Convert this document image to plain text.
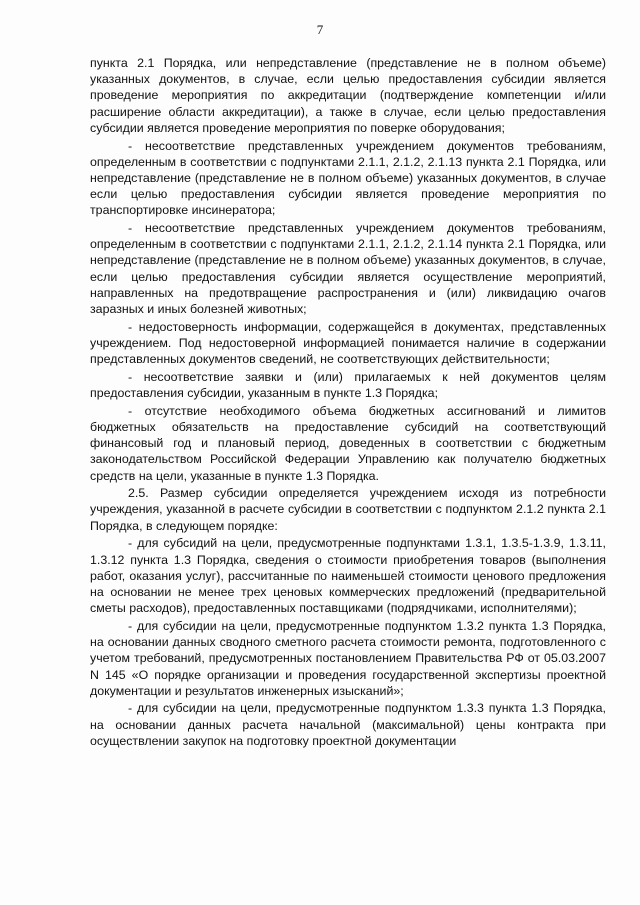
7

пункта 2.1 Порядка, или непредставление (представление не в полном объеме) указанных документов, в случае, если целью предоставления субсидии является проведение мероприятия по аккредитации (подтверждение компетенции и/или расширение области аккредитации), а также в случае, если целью предоставления субсидии является проведение мероприятия по поверке оборудования;

- несоответствие представленных учреждением документов требованиям, определенным в соответствии с подпунктами 2.1.1, 2.1.2, 2.1.13 пункта 2.1 Порядка, или непредставление (представление не в полном объеме) указанных документов, в случае если целью предоставления субсидии является проведение мероприятия по транспортировке инсинератора;

- несоответствие представленных учреждением документов требованиям, определенным в соответствии с подпунктами 2.1.1, 2.1.2, 2.1.14 пункта 2.1 Порядка, или непредставление (представление не в полном объеме) указанных документов, в случае, если целью предоставления субсидии является осуществление мероприятий, направленных на предотвращение распространения и (или) ликвидацию очагов заразных и иных болезней животных;

- недостоверность информации, содержащейся в документах, представленных учреждением. Под недостоверной информацией понимается наличие в содержании представленных документов сведений, не соответствующих действительности;

- несоответствие заявки и (или) прилагаемых к ней документов целям предоставления субсидии, указанным в пункте 1.3 Порядка;

- отсутствие необходимого объема бюджетных ассигнований и лимитов бюджетных обязательств на предоставление субсидий на соответствующий финансовый год и плановый период, доведенных в соответствии с бюджетным законодательством Российской Федерации Управлению как получателю бюджетных средств на цели, указанные в пункте 1.3 Порядка.

2.5. Размер субсидии определяется учреждением исходя из потребности учреждения, указанной в расчете субсидии в соответствии с подпунктом 2.1.2 пункта 2.1 Порядка, в следующем порядке:

- для субсидий на цели, предусмотренные подпунктами 1.3.1, 1.3.5-1.3.9, 1.3.11, 1.3.12 пункта 1.3 Порядка, сведения о стоимости приобретения товаров (выполнения работ, оказания услуг), рассчитанные по наименьшей стоимости ценового предложения на основании не менее трех ценовых коммерческих предложений (предварительной сметы расходов), предоставленных поставщиками (подрядчиками, исполнителями);

- для субсидии на цели, предусмотренные подпунктом 1.3.2 пункта 1.3 Порядка, на основании данных сводного сметного расчета стоимости ремонта, подготовленного с учетом требований, предусмотренных постановлением Правительства РФ от 05.03.2007 N 145 «О порядке организации и проведения государственной экспертизы проектной документации и результатов инженерных изысканий»;

- для субсидии на цели, предусмотренные подпунктом 1.3.3 пункта 1.3 Порядка, на основании данных расчета начальной (максимальной) цены контракта при осуществлении закупок на подготовку проектной документации
